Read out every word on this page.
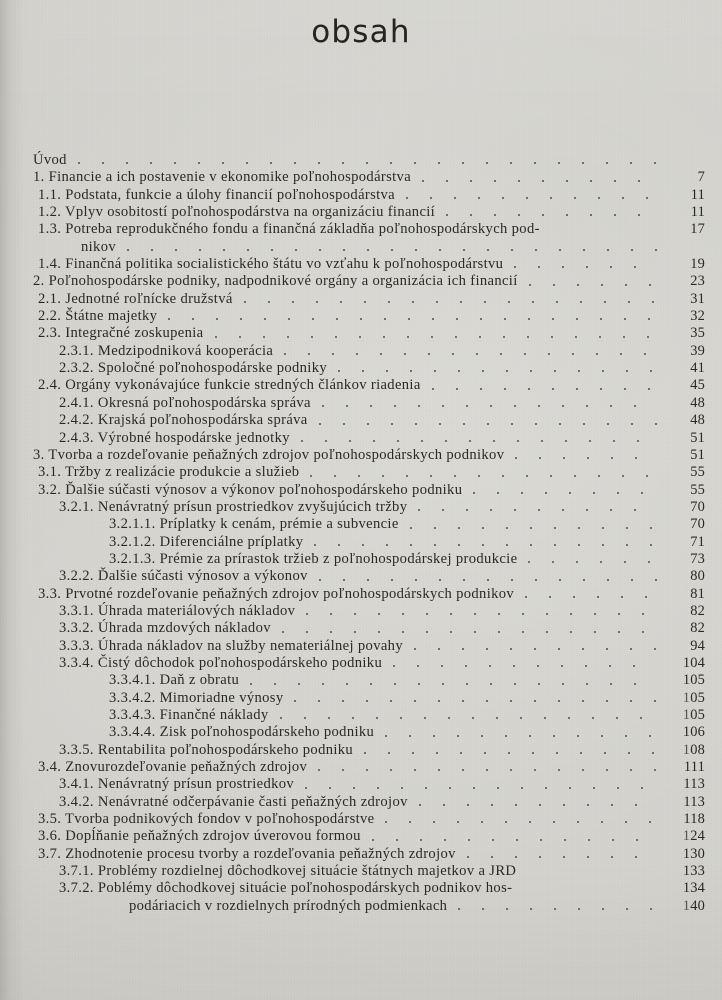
obsah
Úvod
1. Financie a ich postavenie v ekonomike poľnohospodárstva	7
1.1. Podstata, funkcie a úlohy financií poľnohospodárstva	11
1.2. Vplyv osobitostí poľnohospodárstva na organizáciu financií	11
1.3. Potreba reprodukčného fondu a finančná základňa poľnohospodárskych pod-	17
nikov
1.4. Finančná politika socialistického štátu vo vzťahu k poľnohospodárstvu	19
2. Poľnohospodárske podniky, nadpodnikové orgány a organizácia ich financií	23
2.1. Jednotné roľnícke družstvá	31
2.2. Štátne majetky	32
2.3. Integračné zoskupenia	35
2.3.1. Medzipodniková kooperácia	39
2.3.2. Spoločné poľnohospodárske podniky	41
2.4. Orgány vykonávajúce funkcie stredných článkov riadenia	45
2.4.1. Okresná poľnohospodárska správa	48
2.4.2. Krajská poľnohospodárska správa	48
2.4.3. Výrobné hospodárske jednotky	51
3. Tvorba a rozdeľovanie peňažných zdrojov poľnohospodárskych podnikov	51
3.1. Tržby z realizácie produkcie a služieb	55
3.2. Ďalšie súčasti výnosov a výkonov poľnohospodárskeho podniku	55
3.2.1. Nenávratný prísun prostriedkov zvyšujúcich tržby	70
3.2.1.1. Príplatky k cenám, prémie a subvencie	70
3.2.1.2. Diferenciálne príplatky	71
3.2.1.3. Prémie za prírastok tržieb z poľnohospodárskej produkcie	73
3.2.2. Ďalšie súčasti výnosov a výkonov	80
3.3. Prvotné rozdeľovanie peňažných zdrojov poľnohospodárskych podnikov	81
3.3.1. Úhrada materiálových nákladov	82
3.3.2. Úhrada mzdových nákladov	82
3.3.3. Úhrada nákladov na služby nemateriálnej povahy	94
3.3.4. Čistý dôchodok poľnohospodárskeho podniku	104
3.3.4.1. Daň z obratu	105
3.3.4.2. Mimoriadne výnosy	105
3.3.4.3. Finančné náklady	105
3.3.4.4. Zisk poľnohospodárskeho podniku	106
3.3.5. Rentabilita poľnohospodárskeho podniku	108
3.4. Znovurozdeľovanie peňažných zdrojov	111
3.4.1. Nenávratný prísun prostriedkov	113
3.4.2. Nenávratné odčerpávanie časti peňažných zdrojov	113
3.5. Tvorba podnikových fondov v poľnohospodárstve	118
3.6. Dopĺňanie peňažných zdrojov úverovou formou	124
3.7. Zhodnotenie procesu tvorby a rozdeľovania peňažných zdrojov	130
3.7.1. Problémy rozdielnej dôchodkovej situácie štátnych majetkov a JRD	133
3.7.2. Poblémy dôchodkovej situácie poľnohospodárskych podnikov hos-	134
podáriacich v rozdielnych prírodných podmienkach	140
